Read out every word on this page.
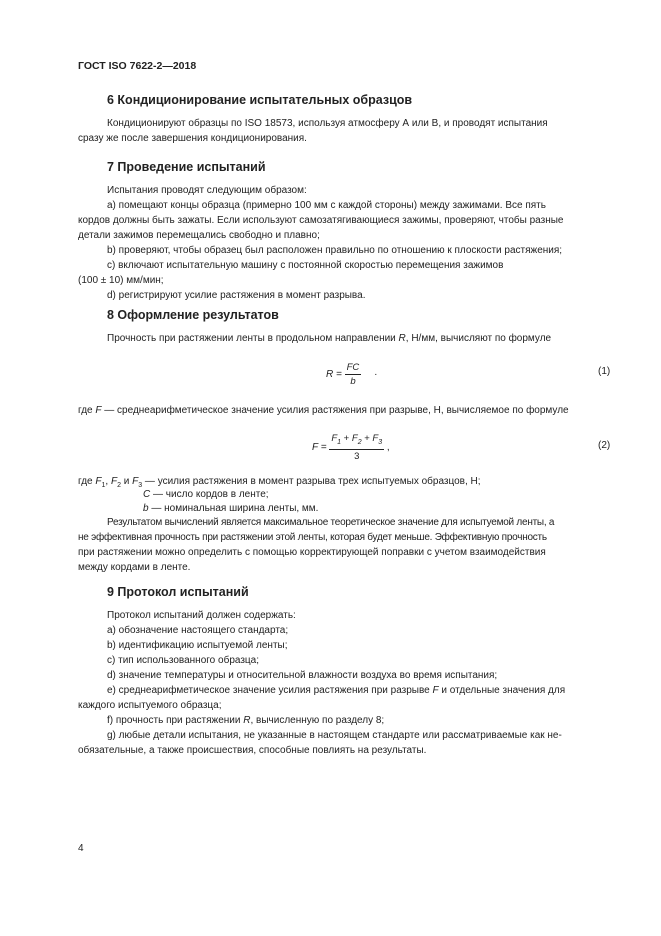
ГОСТ ISO 7622-2—2018
6 Кондиционирование испытательных образцов

Кондиционируют образцы по ISO 18573, используя атмосферу А или В, и проводят испытания

сразу же после завершения кондиционирования.

7 Проведение испытаний

Испытания проводят следующим образом:

а) помещают концы образца (примерно 100 мм с каждой стороны) между зажимами. Все пять

кордов должны быть зажаты. Если используют самозатягивающиеся зажимы, проверяют, чтобы разные

детали зажимов перемещались свободно и плавно;

b) проверяют, чтобы образец был расположен правильно по отношению к плоскости растяжения;

с) включают испытательную машину с постоянной скоростью перемещения зажимов

(100 ± 10) мм/мин;

d) регистрируют усилие растяжения в момент разрыва.

8 Оформление результатов

Прочность при растяжении ленты в продольном направлении R, Н/мм, вычисляют по формуле

$R = \frac{FC}{b}$ ·	(1)

где F — среднеарифметическое значение усилия растяжения при разрыве, Н, вычисляемое по формуле

$F = \frac{F_1 + F_2 + F_3}{3}$ ,	(2)

где $F_1$, $F_2$ и $F_3$ — усилия растяжения в момент разрыва трех испытуемых образцов, Н;

C — число кордов в ленте;

b — номинальная ширина ленты, мм.

Результатом вычислений является максимальное теоретическое значение для испытуемой ленты, а

не эффективная прочность при растяжении этой ленты, которая будет меньше. Эффективную прочность

при растяжении можно определить с помощью корректирующей поправки с учетом взаимодействия

между кордами в ленте.

9 Протокол испытаний

Протокол испытаний должен содержать:

а) обозначение настоящего стандарта;

b) идентификацию испытуемой ленты;

с) тип использованного образца;

d) значение температуры и относительной влажности воздуха во время испытания;

е) среднеарифметическое значение усилия растяжения при разрыве F и отдельные значения для

каждого испытуемого образца;

f) прочность при растяжении R, вычисленную по разделу 8;

g) любые детали испытания, не указанные в настоящем стандарте или рассматриваемые как не-

обязательные, а также происшествия, способные повлиять на результаты.

4
